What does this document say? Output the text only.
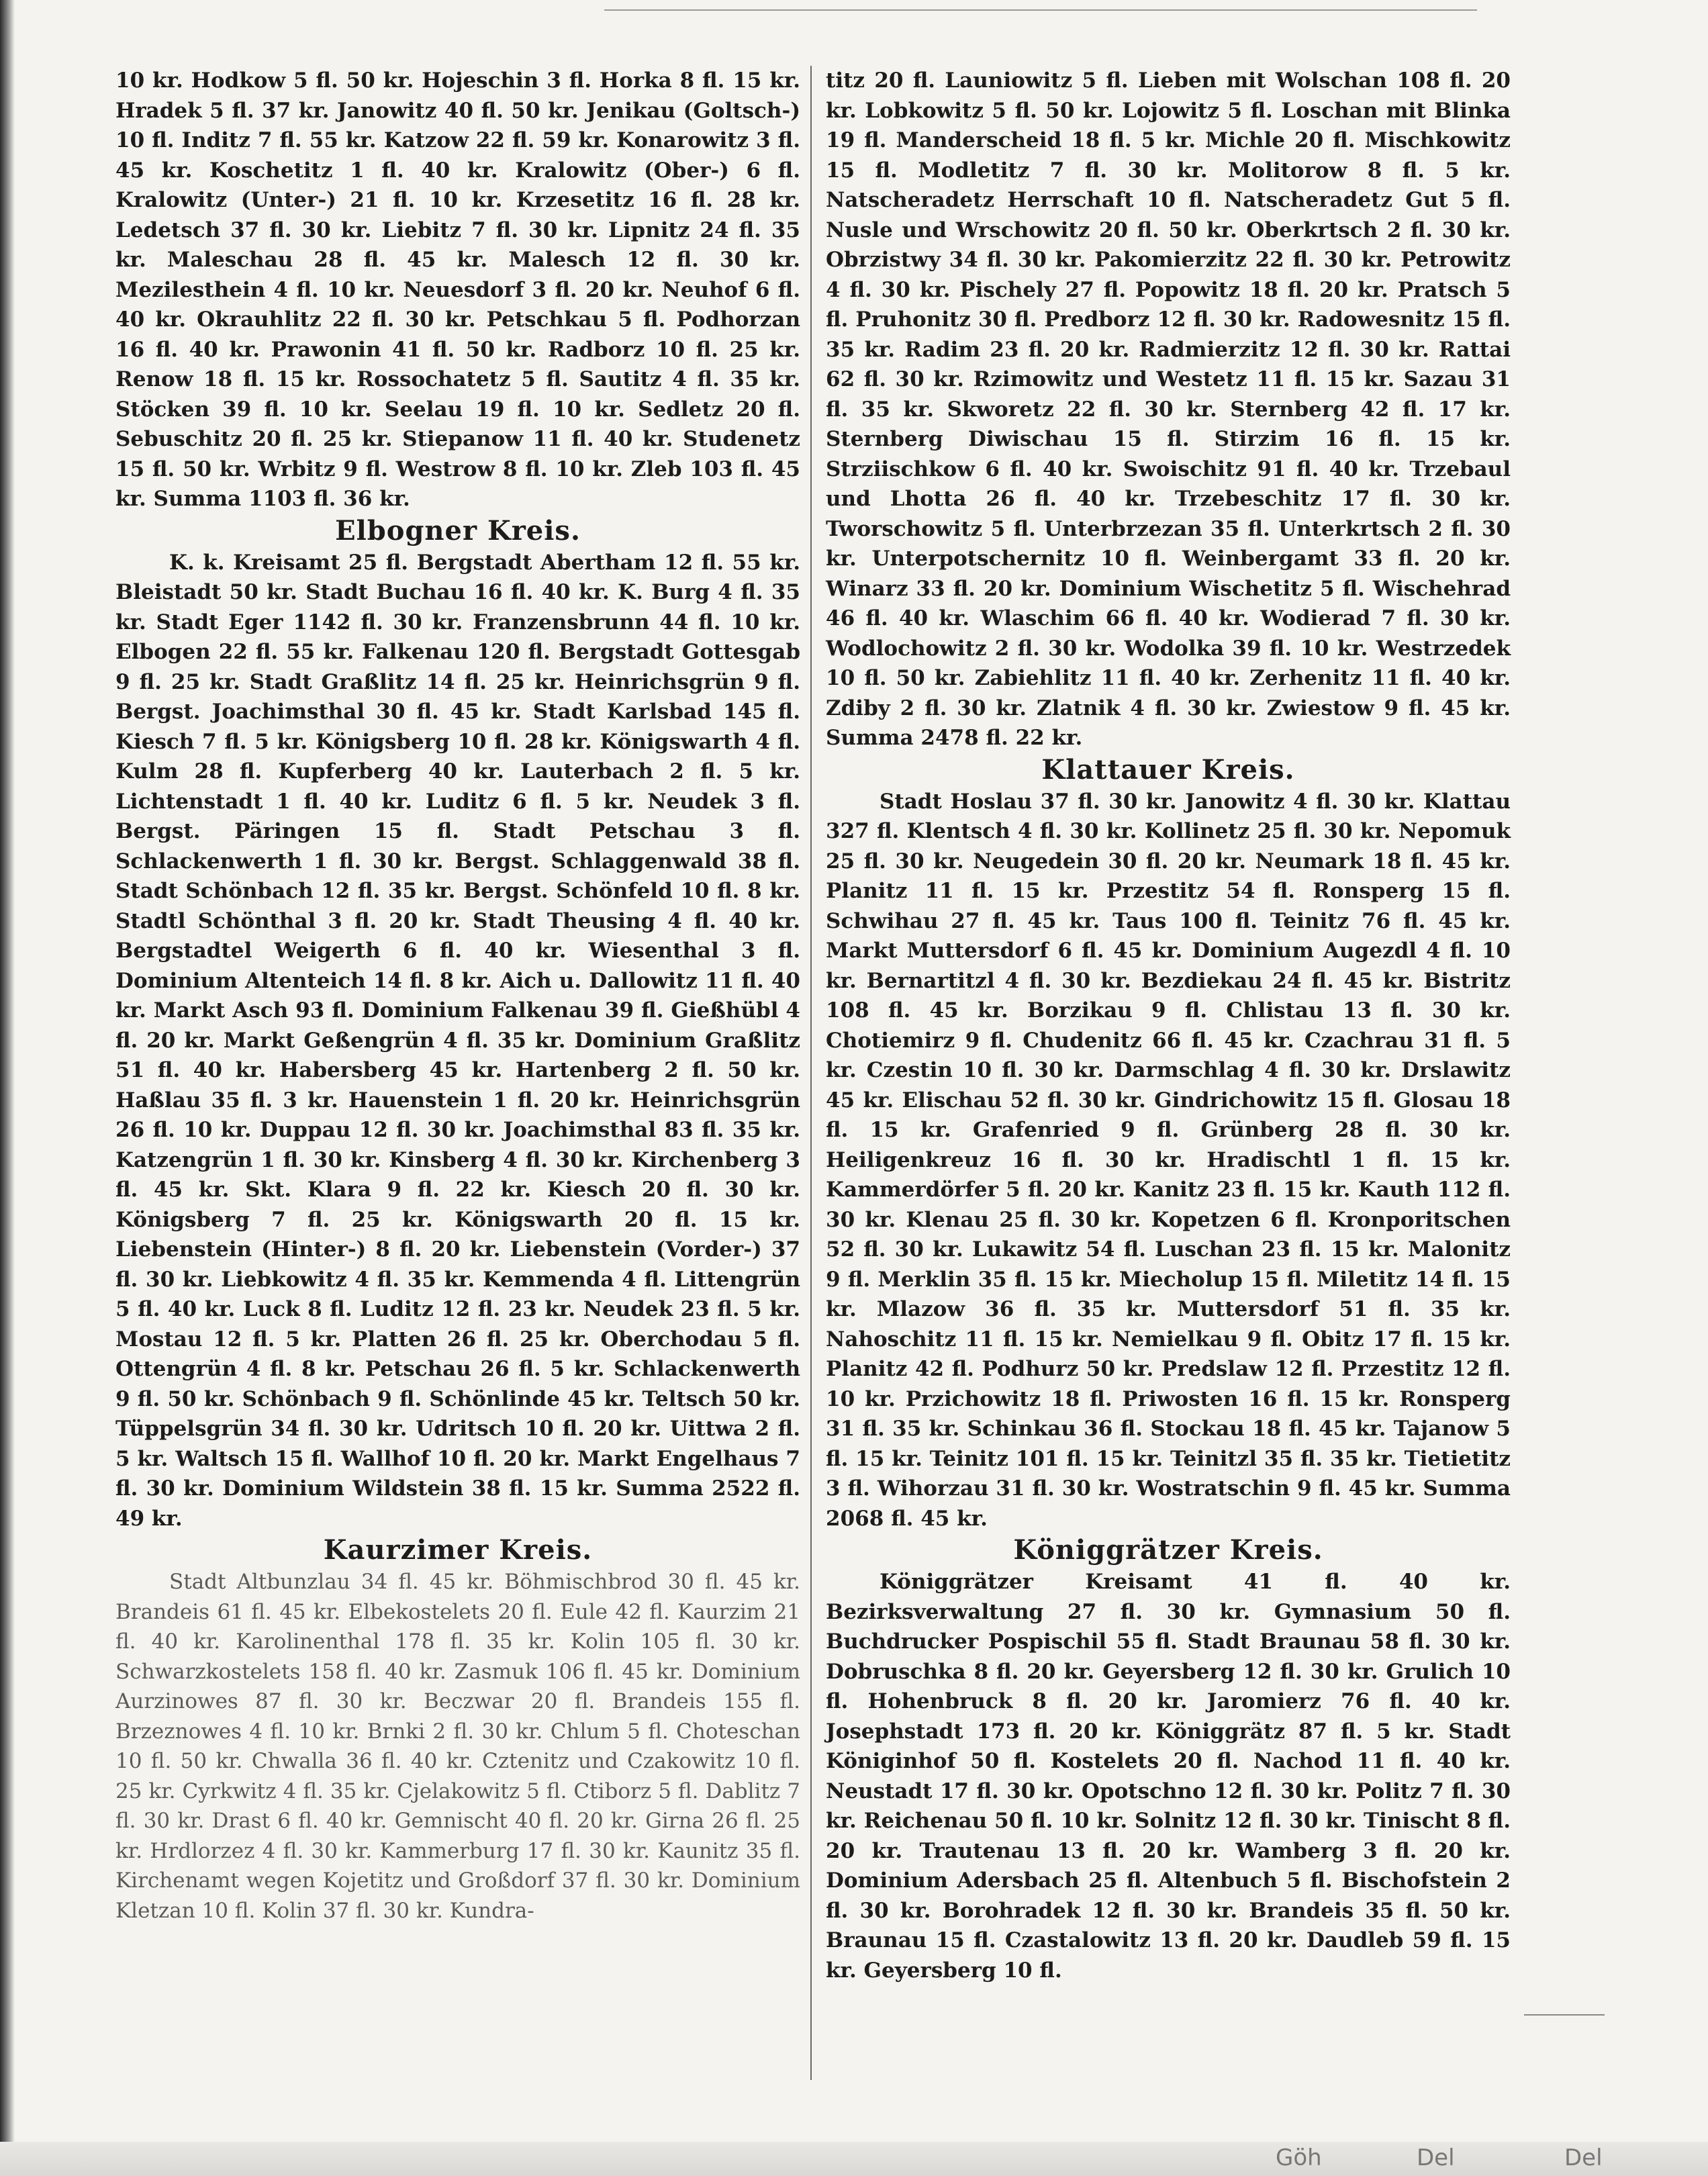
10 kr. Hodkow 5 fl. 50 kr. Hojeschin 3 fl. Horka 8 fl. 15 kr. Hradek 5 fl. 37 kr. Janowitz 40 fl. 50 kr. Jenikau (Goltsch-) 10 fl. Inditz 7 fl. 55 kr. Katzow 22 fl. 59 kr. Konarowitz 3 fl. 45 kr. Koschetitz 1 fl. 40 kr. Kralowitz (Ober-) 6 fl. Kralowitz (Unter-) 21 fl. 10 kr. Krzesetitz 16 fl. 28 kr. Ledetsch 37 fl. 30 kr. Liebitz 7 fl. 30 kr. Lipnitz 24 fl. 35 kr. Maleschau 28 fl. 45 kr. Malesch 12 fl. 30 kr. Mezilesthein 4 fl. 10 kr. Neuesdorf 3 fl. 20 kr. Neuhof 6 fl. 40 kr. Okrauhlitz 22 fl. 30 kr. Petschkau 5 fl. Podhorzan 16 fl. 40 kr. Prawonin 41 fl. 50 kr. Radborz 10 fl. 25 kr. Renow 18 fl. 15 kr. Rossochatetz 5 fl. Sautitz 4 fl. 35 kr. Stöcken 39 fl. 10 kr. Seelau 19 fl. 10 kr. Sedletz 20 fl. Sebuschitz 20 fl. 25 kr. Stiepanow 11 fl. 40 kr. Studenetz 15 fl. 50 kr. Wrbitz 9 fl. Westrow 8 fl. 10 kr. Zleb 103 fl. 45 kr. Summa 1103 fl. 36 kr.

Elbogner Kreis.

K. k. Kreisamt 25 fl. Bergstadt Abertham 12 fl. 55 kr. Bleistadt 50 kr. Stadt Buchau 16 fl. 40 kr. K. Burg 4 fl. 35 kr. Stadt Eger 1142 fl. 30 kr. Franzensbrunn 44 fl. 10 kr. Elbogen 22 fl. 55 kr. Falkenau 120 fl. Bergstadt Gottesgab 9 fl. 25 kr. Stadt Graßlitz 14 fl. 25 kr. Heinrichsgrün 9 fl. Bergst. Joachimsthal 30 fl. 45 kr. Stadt Karlsbad 145 fl. Kiesch 7 fl. 5 kr. Königsberg 10 fl. 28 kr. Königswarth 4 fl. Kulm 28 fl. Kupferberg 40 kr. Lauterbach 2 fl. 5 kr. Lichtenstadt 1 fl. 40 kr. Luditz 6 fl. 5 kr. Neudek 3 fl. Bergst. Päringen 15 fl. Stadt Petschau 3 fl. Schlackenwerth 1 fl. 30 kr. Bergst. Schlaggenwald 38 fl. Stadt Schönbach 12 fl. 35 kr. Bergst. Schönfeld 10 fl. 8 kr. Stadtl Schönthal 3 fl. 20 kr. Stadt Theusing 4 fl. 40 kr. Bergstadtel Weigerth 6 fl. 40 kr. Wiesenthal 3 fl. Dominium Altenteich 14 fl. 8 kr. Aich u. Dallowitz 11 fl. 40 kr. Markt Asch 93 fl. Dominium Falkenau 39 fl. Gießhübl 4 fl. 20 kr. Markt Geßengrün 4 fl. 35 kr. Dominium Graßlitz 51 fl. 40 kr. Habersberg 45 kr. Hartenberg 2 fl. 50 kr. Haßlau 35 fl. 3 kr. Hauenstein 1 fl. 20 kr. Heinrichsgrün 26 fl. 10 kr. Duppau 12 fl. 30 kr. Joachimsthal 83 fl. 35 kr. Katzengrün 1 fl. 30 kr. Kinsberg 4 fl. 30 kr. Kirchenberg 3 fl. 45 kr. Skt. Klara 9 fl. 22 kr. Kiesch 20 fl. 30 kr. Königsberg 7 fl. 25 kr. Königswarth 20 fl. 15 kr. Liebenstein (Hinter-) 8 fl. 20 kr. Liebenstein (Vorder-) 37 fl. 30 kr. Liebkowitz 4 fl. 35 kr. Kemmenda 4 fl. Littengrün 5 fl. 40 kr. Luck 8 fl. Luditz 12 fl. 23 kr. Neudek 23 fl. 5 kr. Mostau 12 fl. 5 kr. Platten 26 fl. 25 kr. Oberchodau 5 fl. Ottengrün 4 fl. 8 kr. Petschau 26 fl. 5 kr. Schlackenwerth 9 fl. 50 kr. Schönbach 9 fl. Schönlinde 45 kr. Teltsch 50 kr. Tüppelsgrün 34 fl. 30 kr. Udritsch 10 fl. 20 kr. Uittwa 2 fl. 5 kr. Waltsch 15 fl. Wallhof 10 fl. 20 kr. Markt Engelhaus 7 fl. 30 kr. Dominium Wildstein 38 fl. 15 kr. Summa 2522 fl. 49 kr.

Kaurzimer Kreis.

Stadt Altbunzlau 34 fl. 45 kr. Böhmischbrod 30 fl. 45 kr. Brandeis 61 fl. 45 kr. Elbekostelets 20 fl. Eule 42 fl. Kaurzim 21 fl. 40 kr. Karolinenthal 178 fl. 35 kr. Kolin 105 fl. 30 kr. Schwarzkostelets 158 fl. 40 kr. Zasmuk 106 fl. 45 kr. Dominium Aurzinowes 87 fl. 30 kr. Beczwar 20 fl. Brandeis 155 fl. Brzeznowes 4 fl. 10 kr. Brnki 2 fl. 30 kr. Chlum 5 fl. Choteschan 10 fl. 50 kr. Chwalla 36 fl. 40 kr. Cztenitz und Czakowitz 10 fl. 25 kr. Cyrkwitz 4 fl. 35 kr. Cjelakowitz 5 fl. Ctiborz 5 fl. Dablitz 7 fl. 30 kr. Drast 6 fl. 40 kr. Gemnischt 40 fl. 20 kr. Girna 26 fl. 25 kr. Hrdlorzez 4 fl. 30 kr. Kammerburg 17 fl. 30 kr. Kaunitz 35 fl. Kirchenamt wegen Kojetitz und Großdorf 37 fl. 30 kr. Dominium Kletzan 10 fl. Kolin 37 fl. 30 kr. Kundra-

titz 20 fl. Launiowitz 5 fl. Lieben mit Wolschan 108 fl. 20 kr. Lobkowitz 5 fl. 50 kr. Lojowitz 5 fl. Loschan mit Blinka 19 fl. Manderscheid 18 fl. 5 kr. Michle 20 fl. Mischkowitz 15 fl. Modletitz 7 fl. 30 kr. Molitorow 8 fl. 5 kr. Natscheradetz Herrschaft 10 fl. Natscheradetz Gut 5 fl. Nusle und Wrschowitz 20 fl. 50 kr. Oberkrtsch 2 fl. 30 kr. Obrzistwy 34 fl. 30 kr. Pakomierzitz 22 fl. 30 kr. Petrowitz 4 fl. 30 kr. Pischely 27 fl. Popowitz 18 fl. 20 kr. Pratsch 5 fl. Pruhonitz 30 fl. Predborz 12 fl. 30 kr. Radowesnitz 15 fl. 35 kr. Radim 23 fl. 20 kr. Radmierzitz 12 fl. 30 kr. Rattai 62 fl. 30 kr. Rzimowitz und Westetz 11 fl. 15 kr. Sazau 31 fl. 35 kr. Skworetz 22 fl. 30 kr. Sternberg 42 fl. 17 kr. Sternberg Diwischau 15 fl. Stirzim 16 fl. 15 kr. Strziischkow 6 fl. 40 kr. Swoischitz 91 fl. 40 kr. Trzebaul und Lhotta 26 fl. 40 kr. Trzebeschitz 17 fl. 30 kr. Tworschowitz 5 fl. Unterbrzezan 35 fl. Unterkrtsch 2 fl. 30 kr. Unterpotschernitz 10 fl. Weinbergamt 33 fl. 20 kr. Winarz 33 fl. 20 kr. Dominium Wischetitz 5 fl. Wischehrad 46 fl. 40 kr. Wlaschim 66 fl. 40 kr. Wodierad 7 fl. 30 kr. Wodlochowitz 2 fl. 30 kr. Wodolka 39 fl. 10 kr. Westrzedek 10 fl. 50 kr. Zabiehlitz 11 fl. 40 kr. Zerhenitz 11 fl. 40 kr. Zdiby 2 fl. 30 kr. Zlatnik 4 fl. 30 kr. Zwiestow 9 fl. 45 kr. Summa 2478 fl. 22 kr.

Klattauer Kreis.

Stadt Hoslau 37 fl. 30 kr. Janowitz 4 fl. 30 kr. Klattau 327 fl. Klentsch 4 fl. 30 kr. Kollinetz 25 fl. 30 kr. Nepomuk 25 fl. 30 kr. Neugedein 30 fl. 20 kr. Neumark 18 fl. 45 kr. Planitz 11 fl. 15 kr. Przestitz 54 fl. Ronsperg 15 fl. Schwihau 27 fl. 45 kr. Taus 100 fl. Teinitz 76 fl. 45 kr. Markt Muttersdorf 6 fl. 45 kr. Dominium Augezdl 4 fl. 10 kr. Bernartitzl 4 fl. 30 kr. Bezdiekau 24 fl. 45 kr. Bistritz 108 fl. 45 kr. Borzikau 9 fl. Chlistau 13 fl. 30 kr. Chotiemirz 9 fl. Chudenitz 66 fl. 45 kr. Czachrau 31 fl. 5 kr. Czestin 10 fl. 30 kr. Darmschlag 4 fl. 30 kr. Drslawitz 45 kr. Elischau 52 fl. 30 kr. Gindrichowitz 15 fl. Glosau 18 fl. 15 kr. Grafenried 9 fl. Grünberg 28 fl. 30 kr. Heiligenkreuz 16 fl. 30 kr. Hradischtl 1 fl. 15 kr. Kammerdörfer 5 fl. 20 kr. Kanitz 23 fl. 15 kr. Kauth 112 fl. 30 kr. Klenau 25 fl. 30 kr. Kopetzen 6 fl. Kronporitschen 52 fl. 30 kr. Lukawitz 54 fl. Luschan 23 fl. 15 kr. Malonitz 9 fl. Merklin 35 fl. 15 kr. Miecholup 15 fl. Miletitz 14 fl. 15 kr. Mlazow 36 fl. 35 kr. Muttersdorf 51 fl. 35 kr. Nahoschitz 11 fl. 15 kr. Nemielkau 9 fl. Obitz 17 fl. 15 kr. Planitz 42 fl. Podhurz 50 kr. Predslaw 12 fl. Przestitz 12 fl. 10 kr. Przichowitz 18 fl. Priwosten 16 fl. 15 kr. Ronsperg 31 fl. 35 kr. Schinkau 36 fl. Stockau 18 fl. 45 kr. Tajanow 5 fl. 15 kr. Teinitz 101 fl. 15 kr. Teinitzl 35 fl. 35 kr. Tietietitz 3 fl. Wihorzau 31 fl. 30 kr. Wostratschin 9 fl. 45 kr. Summa 2068 fl. 45 kr.

Königgrätzer Kreis.

Königgrätzer Kreisamt 41 fl. 40 kr. Bezirksverwaltung 27 fl. 30 kr. Gymnasium 50 fl. Buchdrucker Pospischil 55 fl. Stadt Braunau 58 fl. 30 kr. Dobruschka 8 fl. 20 kr. Geyersberg 12 fl. 30 kr. Grulich 10 fl. Hohenbruck 8 fl. 20 kr. Jaromierz 76 fl. 40 kr. Josephstadt 173 fl. 20 kr. Königgrätz 87 fl. 5 kr. Stadt Königinhof 50 fl. Kostelets 20 fl. Nachod 11 fl. 40 kr. Neustadt 17 fl. 30 kr. Opotschno 12 fl. 30 kr. Politz 7 fl. 30 kr. Reichenau 50 fl. 10 kr. Solnitz 12 fl. 30 kr. Tinischt 8 fl. 20 kr. Trautenau 13 fl. 20 kr. Wamberg 3 fl. 20 kr. Dominium Adersbach 25 fl. Altenbuch 5 fl. Bischofstein 2 fl. 30 kr. Borohradek 12 fl. 30 kr. Brandeis 35 fl. 50 kr. Braunau 15 fl. Czastalowitz 13 fl. 20 kr. Daudleb 59 fl. 15 kr. Geyersberg 10 fl.

Göh	Del	Del
